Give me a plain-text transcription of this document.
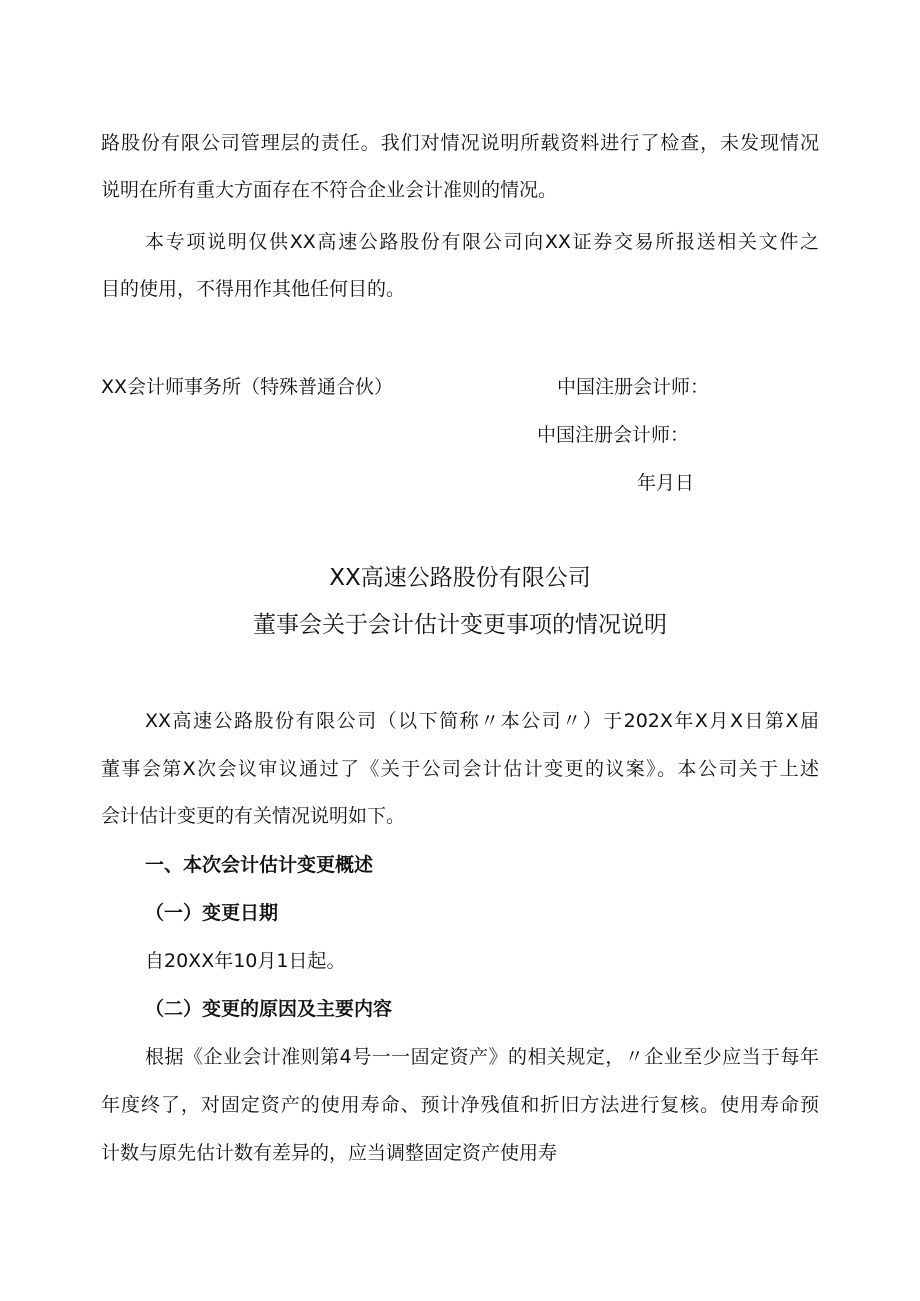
路股份有限公司管理层的责任。我们对情况说明所载资料进行了检查，未发现情况
说明在所有重大方面存在不符合企业会计准则的情况。
本专项说明仅供XX高速公路股份有限公司向XX证券交易所报送相关文件之
目的使用，不得用作其他任何目的。
XX会计师事务所（特殊普通合伙）	中国注册会计师：
中国注册会计师：
年月日
XX高速公路股份有限公司
董事会关于会计估计变更事项的情况说明
XX高速公路股份有限公司（以下简称〃本公司〃）于202X年X月X日第X届
董事会第X次会议审议通过了《关于公司会计估计变更的议案》。本公司关于上述
会计估计变更的有关情况说明如下。
一、本次会计估计变更概述
（一）变更日期
自20XX年10月1日起。
（二）变更的原因及主要内容
根据《企业会计准则第4号一一固定资产》的相关规定，〃企业至少应当于每年
年度终了，对固定资产的使用寿命、预计净残值和折旧方法进行复核。使用寿命预
计数与原先估计数有差异的，应当调整固定资产使用寿
